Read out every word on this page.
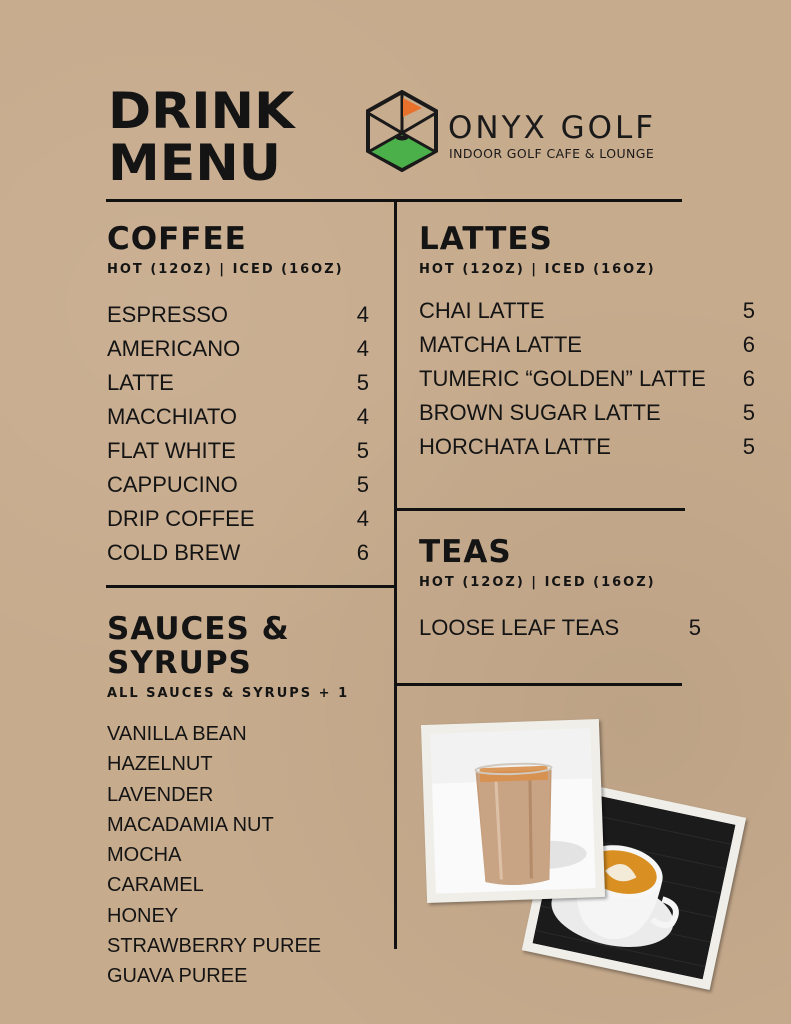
DRINK
MENU
ONYX GOLF
INDOOR GOLF CAFE & LOUNGE
COFFEE
HOT (12OZ) | ICED (16OZ)
ESPRESSO	4
AMERICANO	4
LATTE	5
MACCHIATO	4
FLAT WHITE	5
CAPPUCINO	5
DRIP COFFEE	4
COLD BREW	6
LATTES
HOT (12OZ) | ICED (16OZ)
CHAI LATTE	5
MATCHA LATTE	6
TUMERIC “GOLDEN” LATTE 6
BROWN SUGAR LATTE	5
HORCHATA LATTE	5
TEAS
HOT (12OZ) | ICED (16OZ)
LOOSE LEAF TEAS	5
SAUCES &
SYRUPS
ALL SAUCES & SYRUPS + 1
VANILLA BEAN
HAZELNUT
LAVENDER
MACADAMIA NUT
MOCHA
CARAMEL
HONEY
STRAWBERRY PUREE
GUAVA PUREE
